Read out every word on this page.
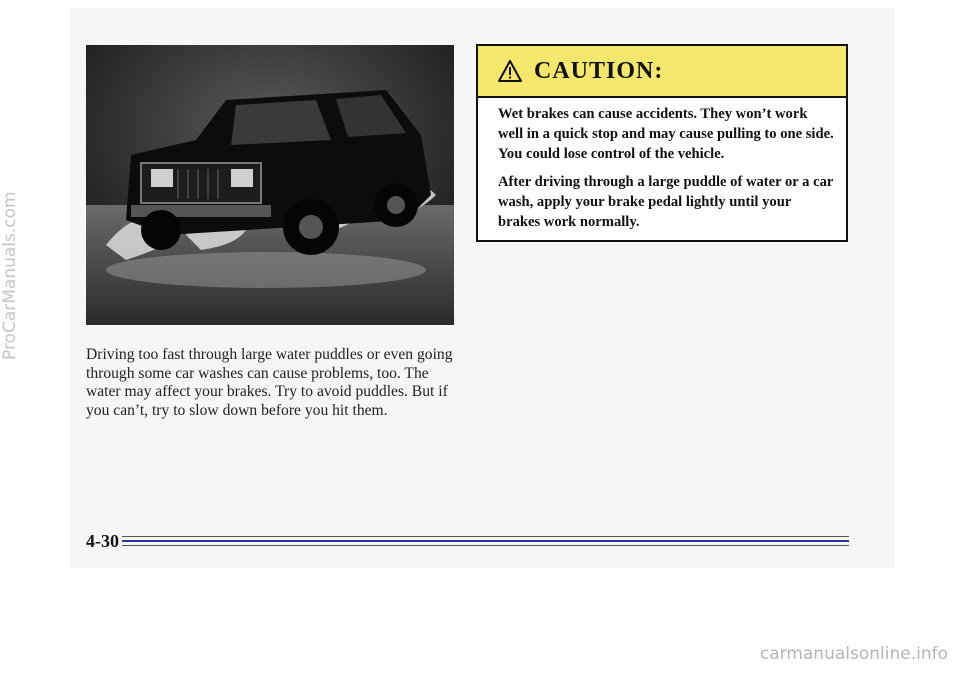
Driving too fast through large water puddles or even going through some car washes can cause problems, too. The water may affect your brakes. Try to avoid puddles. But if you can’t, try to slow down before you hit them.

CAUTION:

Wet brakes can cause accidents. They won’t work well in a quick stop and may cause pulling to one side. You could lose control of the vehicle.

After driving through a large puddle of water or a car wash, apply your brake pedal lightly until your brakes work normally.

4-30
ProCarManuals.com
carmanualsonline.info
